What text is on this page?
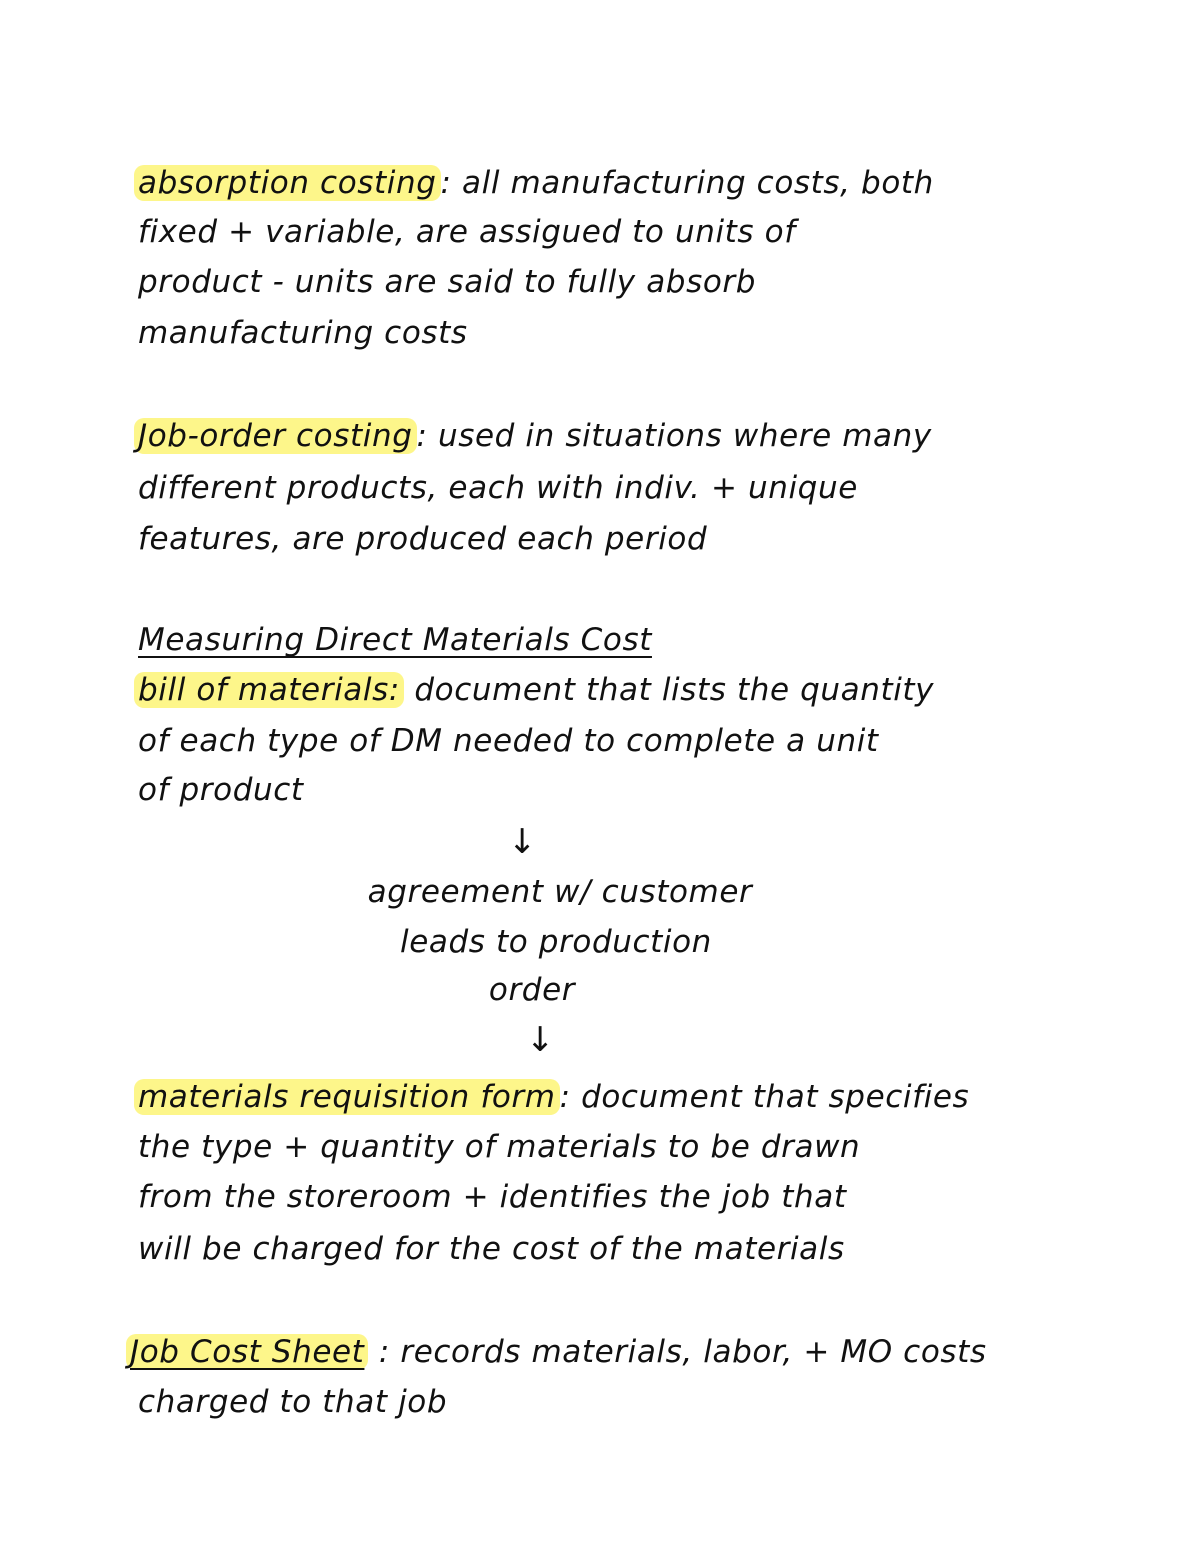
absorption costing : all manufacturing costs, both
fixed + variable, are assigued to units of
product - units are said to fully absorb
manufacturing costs
Job-order costing : used in situations where many
different products, each with indiv. + unique
features, are produced each period
Measuring Direct Materials Cost
bill of materials: document that lists the quantity
of each type of DM needed to complete a unit
of product
↓
agreement w/ customer
leads to production
order
↓
materials requisition form : document that specifies
the type + quantity of materials to be drawn
from the storeroom + identifies the job that
will be charged for the cost of the materials
Job Cost Sheet : records materials, labor, + MO costs
charged to that job
